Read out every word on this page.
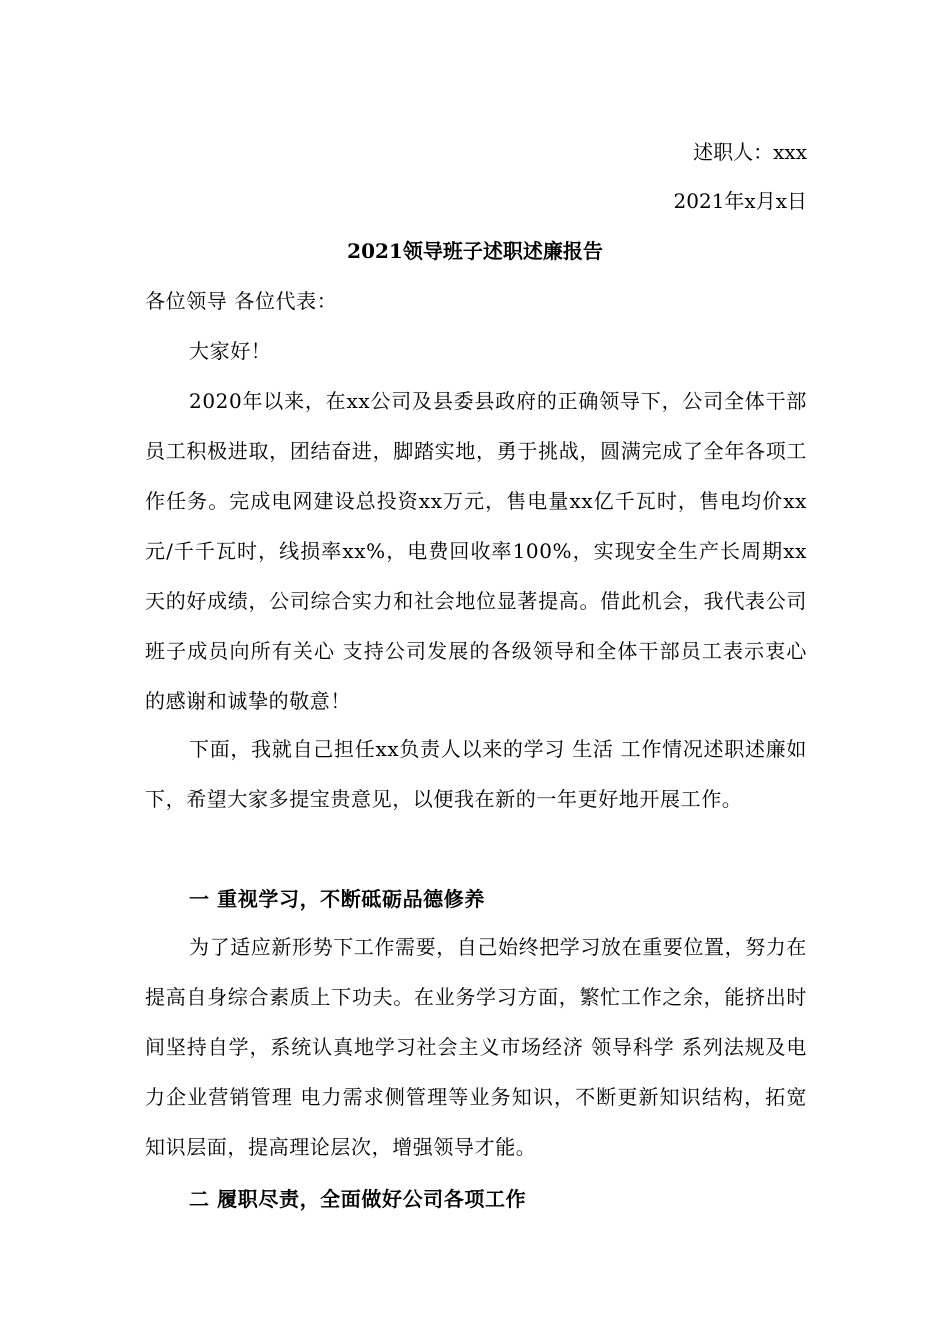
述职人：xxx
2021年x月x日
2021领导班子述职述廉报告

各位领导 各位代表：

大家好！

2020年以来，在xx公司及县委县政府的正确领导下，公司全体干部员工积极进取，团结奋进，脚踏实地，勇于挑战，圆满完成了全年各项工作任务。完成电网建设总投资xx万元，售电量xx亿千瓦时，售电均价xx元/千千瓦时，线损率xx%，电费回收率100%，实现安全生产长周期xx天的好成绩，公司综合实力和社会地位显著提高。借此机会，我代表公司班子成员向所有关心 支持公司发展的各级领导和全体干部员工表示衷心的感谢和诚挚的敬意！

下面，我就自己担任xx负责人以来的学习 生活 工作情况述职述廉如下，希望大家多提宝贵意见，以便我在新的一年更好地开展工作。

一 重视学习，不断砥砺品德修养

为了适应新形势下工作需要，自己始终把学习放在重要位置，努力在提高自身综合素质上下功夫。在业务学习方面，繁忙工作之余，能挤出时间坚持自学，系统认真地学习社会主义市场经济 领导科学 系列法规及电力企业营销管理 电力需求侧管理等业务知识，不断更新知识结构，拓宽知识层面，提高理论层次，增强领导才能。

二 履职尽责，全面做好公司各项工作
